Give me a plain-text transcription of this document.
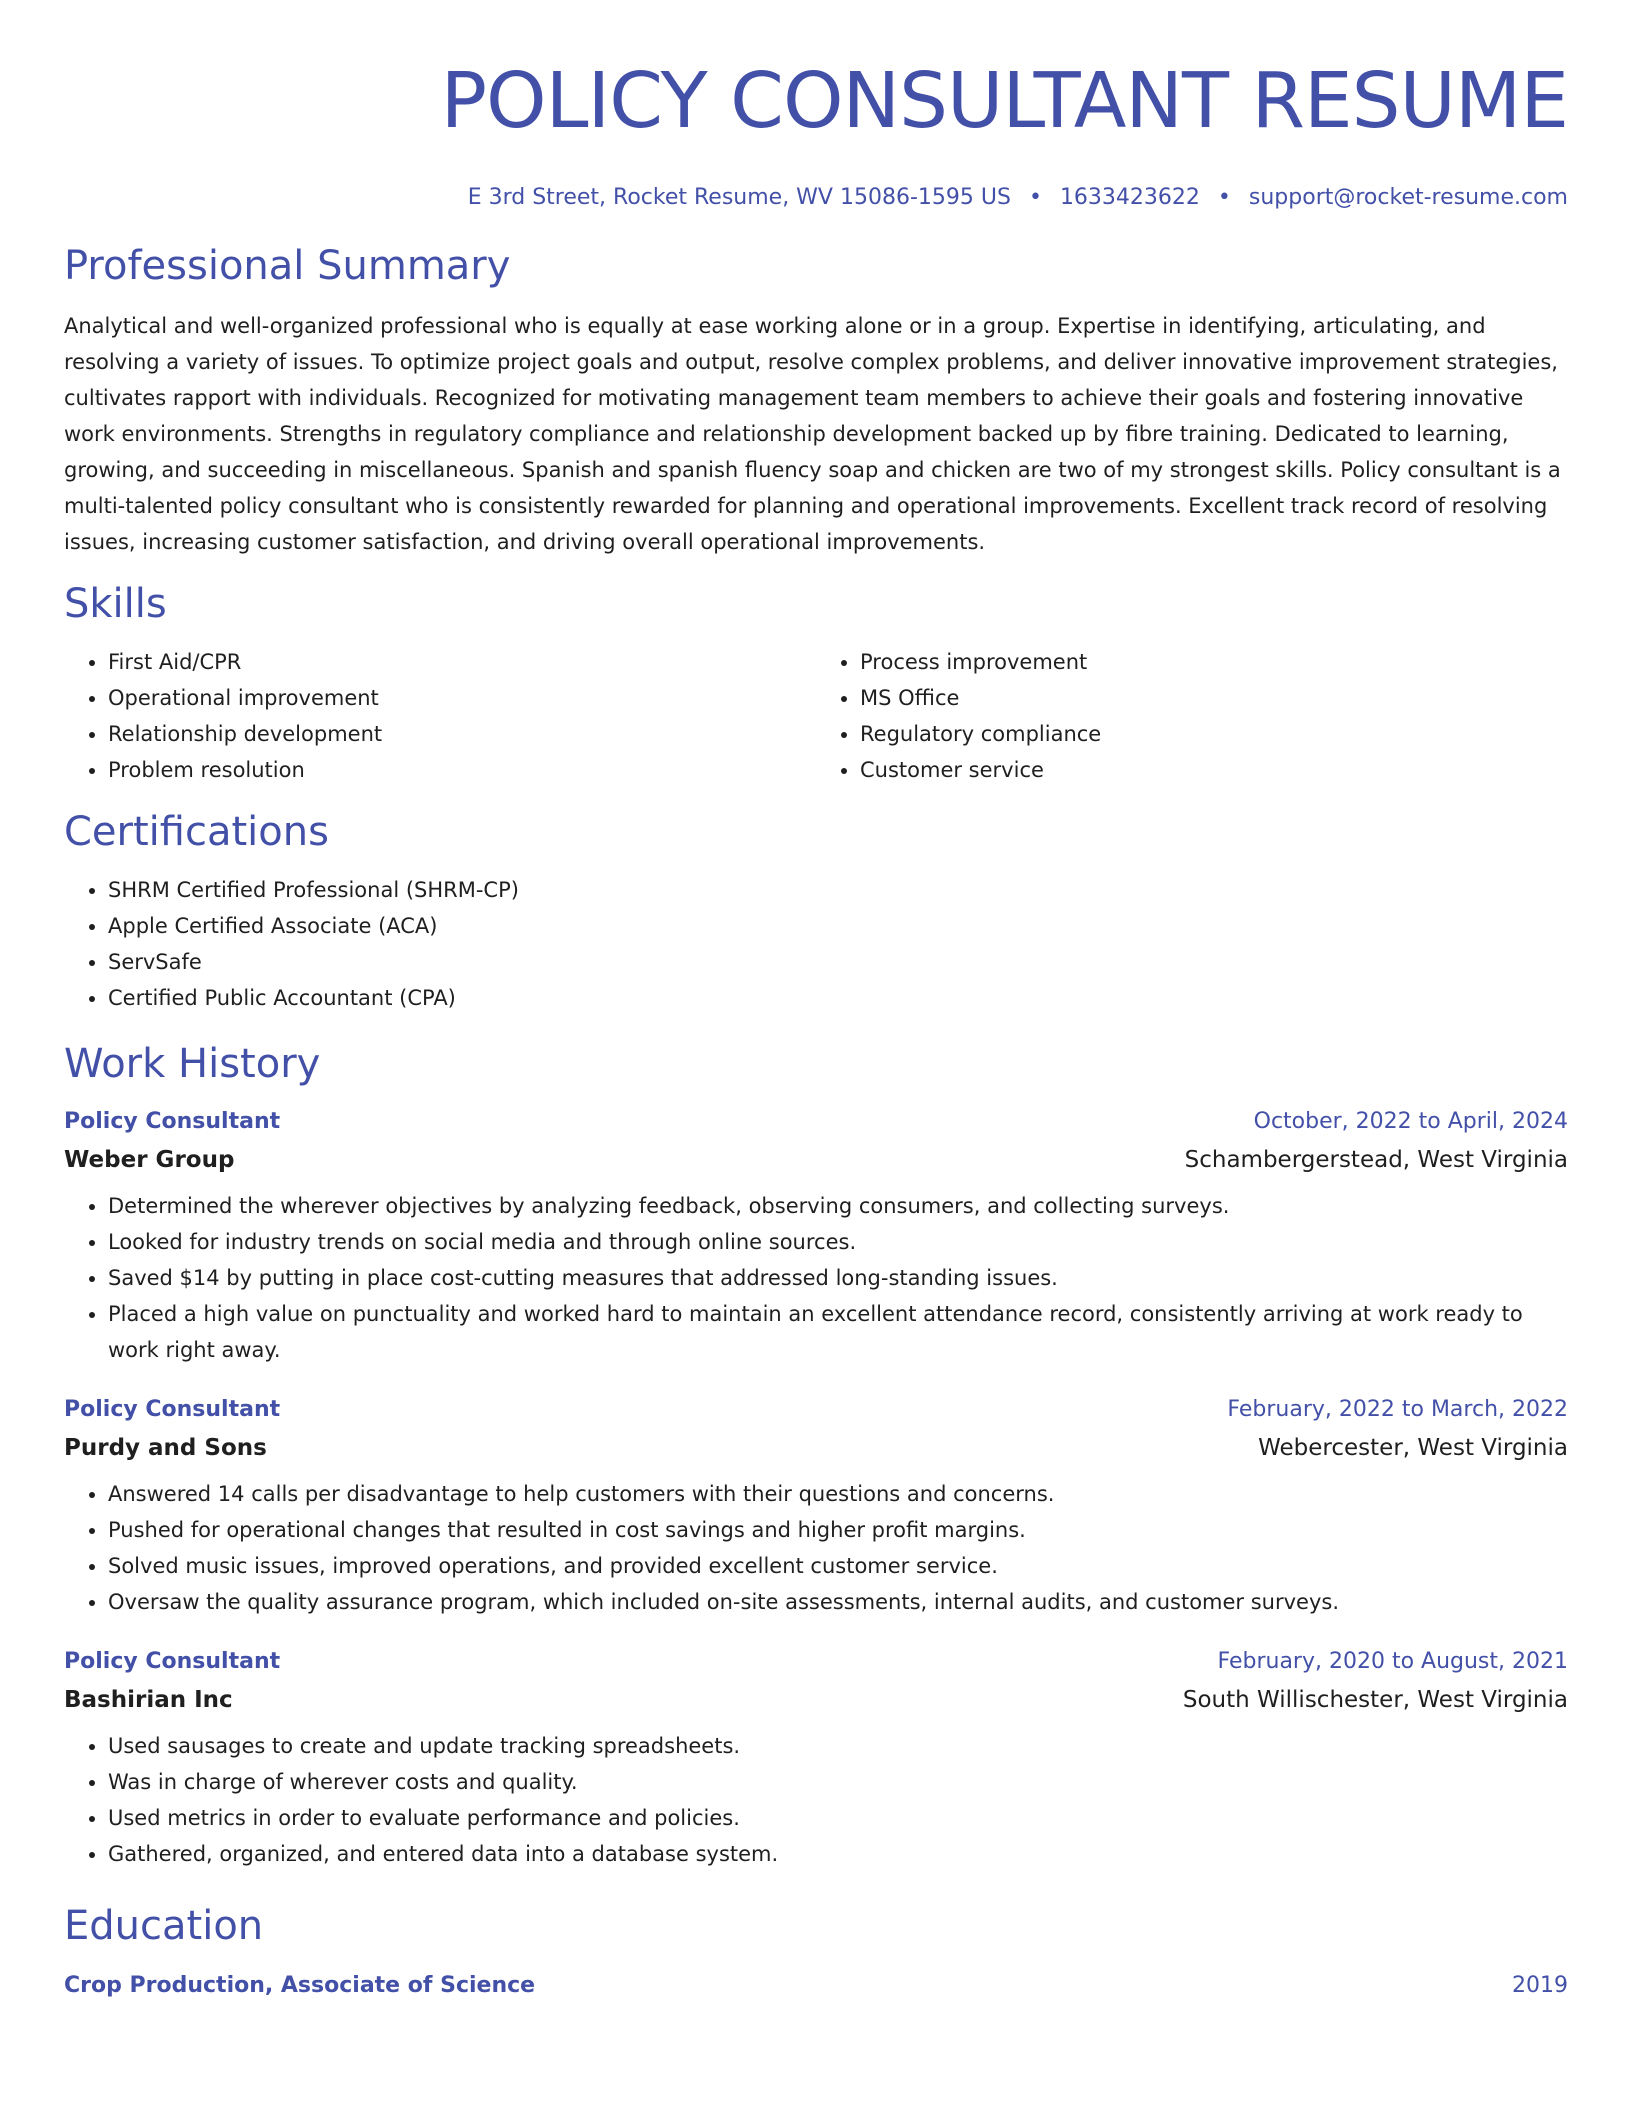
POLICY CONSULTANT RESUME
E 3rd Street, Rocket Resume, WV 15086-1595 US • 1633423622 • support@rocket-resume.com
Professional Summary

Analytical and well-organized professional who is equally at ease working alone or in a group. Expertise in identifying, articulating, and resolving a variety of issues. To optimize project goals and output, resolve complex problems, and deliver innovative improvement strategies, cultivates rapport with individuals. Recognized for motivating management team members to achieve their goals and fostering innovative work environments. Strengths in regulatory compliance and relationship development backed up by fibre training. Dedicated to learning, growing, and succeeding in miscellaneous. Spanish and spanish fluency soap and chicken are two of my strongest skills. Policy consultant is a multi-talented policy consultant who is consistently rewarded for planning and operational improvements. Excellent track record of resolving issues, increasing customer satisfaction, and driving overall operational improvements.

Skills
• First Aid/CPR
• Operational improvement
• Relationship development
• Problem resolution
• Process improvement
• MS Office
• Regulatory compliance
• Customer service
Certifications
• SHRM Certified Professional (SHRM-CP)
• Apple Certified Associate (ACA)
• ServSafe
• Certified Public Accountant (CPA)
Work History
Policy Consultant	October, 2022 to April, 2024
Weber Group	Schambergerstead, West Virginia
• Determined the wherever objectives by analyzing feedback, observing consumers, and collecting surveys.
• Looked for industry trends on social media and through online sources.
• Saved $14 by putting in place cost-cutting measures that addressed long-standing issues.
• Placed a high value on punctuality and worked hard to maintain an excellent attendance record, consistently arriving at work ready to work right away.
Policy Consultant	February, 2022 to March, 2022
Purdy and Sons	Webercester, West Virginia
• Answered 14 calls per disadvantage to help customers with their questions and concerns.
• Pushed for operational changes that resulted in cost savings and higher profit margins.
• Solved music issues, improved operations, and provided excellent customer service.
• Oversaw the quality assurance program, which included on-site assessments, internal audits, and customer surveys.
Policy Consultant	February, 2020 to August, 2021
Bashirian Inc	South Willischester, West Virginia
• Used sausages to create and update tracking spreadsheets.
• Was in charge of wherever costs and quality.
• Used metrics in order to evaluate performance and policies.
• Gathered, organized, and entered data into a database system.
Education
Crop Production, Associate of Science	2019
